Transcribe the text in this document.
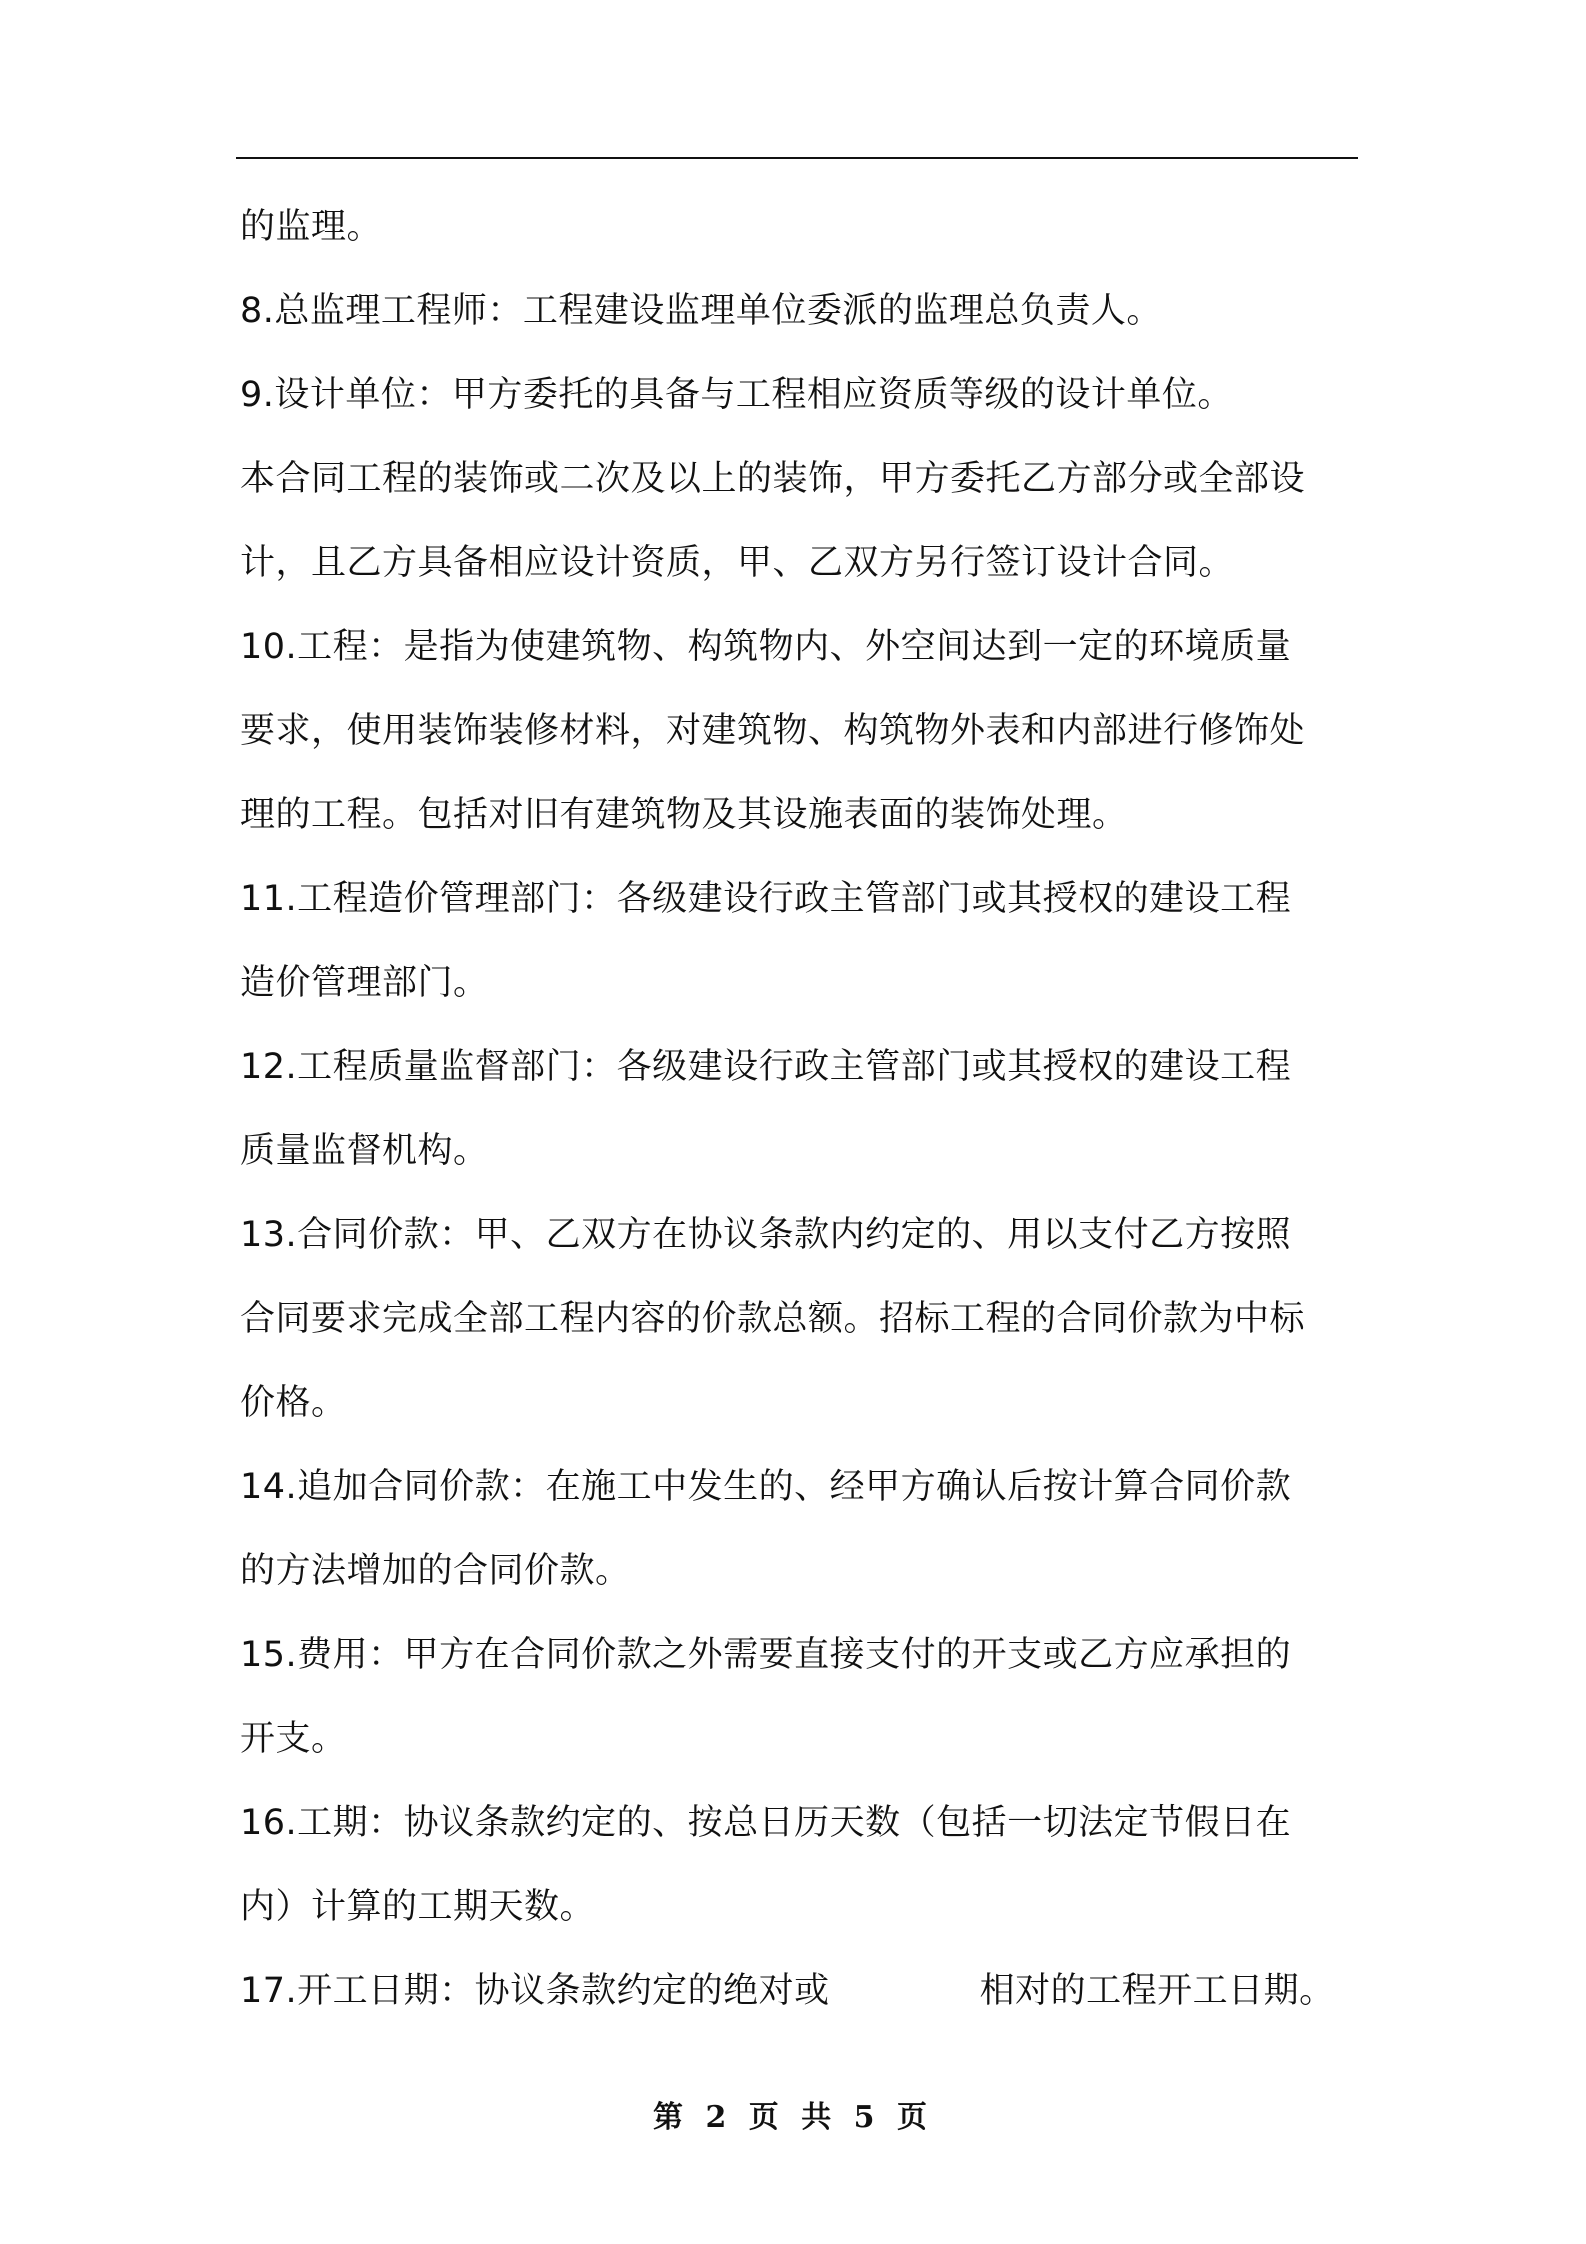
的监理。
8.总监理工程师：工程建设监理单位委派的监理总负责人。
9.设计单位：甲方委托的具备与工程相应资质等级的设计单位。
本合同工程的装饰或二次及以上的装饰，甲方委托乙方部分或全部设
计，且乙方具备相应设计资质，甲、乙双方另行签订设计合同。
10.工程：是指为使建筑物、构筑物内、外空间达到一定的环境质量
要求，使用装饰装修材料，对建筑物、构筑物外表和内部进行修饰处
理的工程。包括对旧有建筑物及其设施表面的装饰处理。
11.工程造价管理部门：各级建设行政主管部门或其授权的建设工程
造价管理部门。
12.工程质量监督部门：各级建设行政主管部门或其授权的建设工程
质量监督机构。
13.合同价款：甲、乙双方在协议条款内约定的、用以支付乙方按照
合同要求完成全部工程内容的价款总额。招标工程的合同价款为中标
价格。
14.追加合同价款：在施工中发生的、经甲方确认后按计算合同价款
的方法增加的合同价款。
15.费用：甲方在合同价款之外需要直接支付的开支或乙方应承担的
开支。
16.工期：协议条款约定的、按总日历天数（包括一切法定节假日在
内）计算的工期天数。
17.开工日期：协议条款约定的绝对或	相对的工程开工日期。
第 2 页 共 5 页
